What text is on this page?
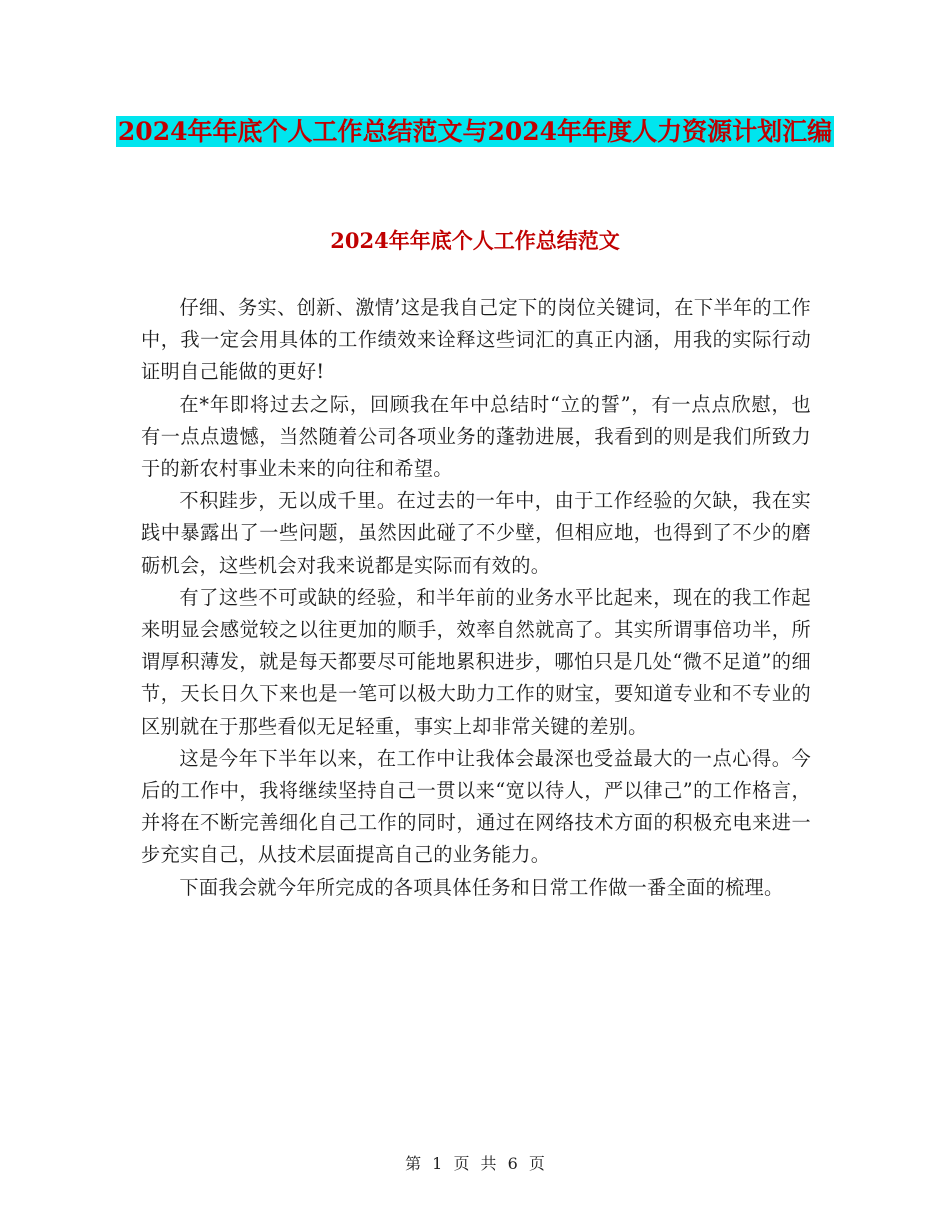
2024年年底个人工作总结范文与2024年年度人力资源计划汇编
2024年年底个人工作总结范文

仔细、务实、创新、激情’这是我自己定下的岗位关键词，在下半年的工作中，我一定会用具体的工作绩效来诠释这些词汇的真正内涵，用我的实际行动证明自己能做的更好!

在*年即将过去之际，回顾我在年中总结时“立的誓”，有一点点欣慰，也有一点点遗憾，当然随着公司各项业务的蓬勃进展，我看到的则是我们所致力于的新农村事业未来的向往和希望。

不积跬步，无以成千里。在过去的一年中，由于工作经验的欠缺，我在实践中暴露出了一些问题，虽然因此碰了不少壁，但相应地，也得到了不少的磨砺机会，这些机会对我来说都是实际而有效的。

有了这些不可或缺的经验，和半年前的业务水平比起来，现在的我工作起来明显会感觉较之以往更加的顺手，效率自然就高了。其实所谓事倍功半，所谓厚积薄发，就是每天都要尽可能地累积进步，哪怕只是几处“微不足道”的细节，天长日久下来也是一笔可以极大助力工作的财宝，要知道专业和不专业的区别就在于那些看似无足轻重，事实上却非常关键的差别。

这是今年下半年以来，在工作中让我体会最深也受益最大的一点心得。今后的工作中，我将继续坚持自己一贯以来“宽以待人，严以律己”的工作格言，并将在不断完善细化自己工作的同时，通过在网络技术方面的积极充电来进一步充实自己，从技术层面提高自己的业务能力。

下面我会就今年所完成的各项具体任务和日常工作做一番全面的梳理。

第 1 页 共 6 页
